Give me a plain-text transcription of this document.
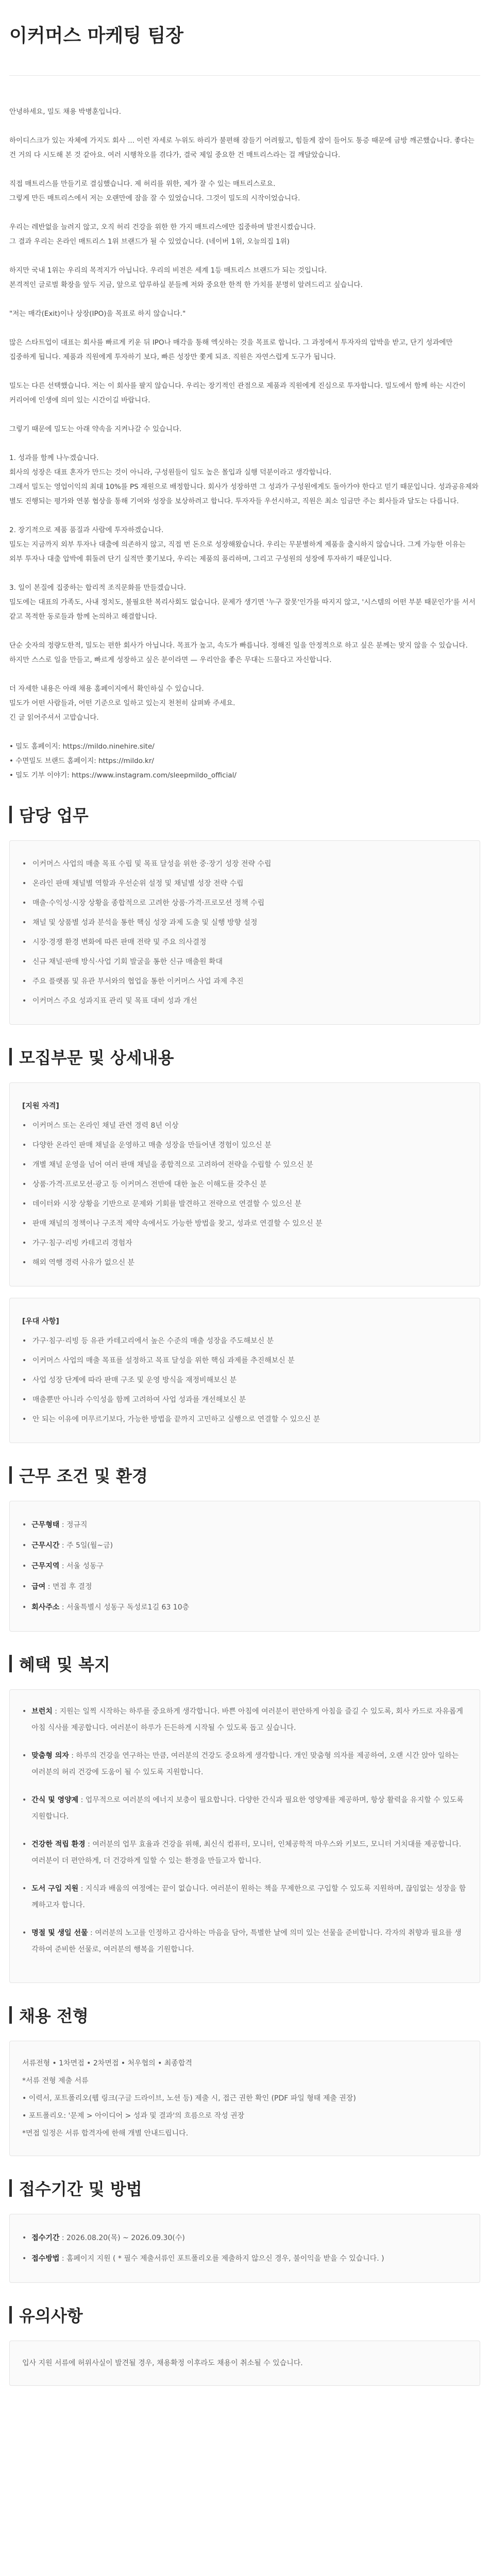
이커머스 마케팅 팀장

안녕하세요, 밀도 채용 박병훈입니다.

하이디스크가 있는 자체에 가지도 회사 ... 이런 자세로 누위도 하리가 불편해 잠들기 어려웠고, 힘들게 잠이 들어도 통증 때문에 금방 깨곤했습니다. 좋다는 건 거의 다 시도해 본 것 같아요. 여러 시행착오를 겪다가, 결국 제일 중요한 건 매트리스라는 걸 깨달았습니다.

직접 매트리스를 만들기로 결심했습니다. 제 허리를 위한, 제가 잘 수 있는 매트리스로요.
그렇게 만든 매트리스에서 저는 오랜만에 잠을 잘 수 있었습니다. 그것이 밀도의 시작이었습니다.

우리는 레반없을 늘려지 않고, 오직 허리 건강을 위한 한 가지 매트리스에만 집중하며 발전시켰습니다.
그 결과 우리는 온라인 매트리스 1위 브랜드가 될 수 있었습니다. (네이버 1위, 오늘의집 1위)

하지만 국내 1위는 우리의 목적지가 아닙니다. 우리의 비전은 세계 1등 매트리스 브랜드가 되는 것입니다.
본격적인 글로벌 확장을 앞두 지금, 앞으로 압루하실 분들께 저와 중요한 한적 한 가치를 분명히 알려드리고 싶습니다.

"저는 매각(Exit)이나 상장(IPO)을 목표로 하지 않습니다."

많은 스타트업이 대표는 회사를 빠르게 키운 뒤 IPO나 매각을 통해 엑싯하는 것을 목표로 합니다. 그 과정에서 투자자의 압박을 받고, 단기 성과에만 집중하게 됩니다. 제품과 직원에게 투자하기 보다, 빠른 성장만 쫓게 되죠. 직원은 자연스럽게 도구가 됩니다.

밀도는 다른 선택했습니다. 저는 이 회사를 팔지 않습니다. 우리는 장기적인 관점으로 제품과 직원에게 진심으로 투자합니다. 밀도에서 함께 하는 시간이 커리어에 인생에 의미 있는 시간이길 바랍니다.

그렇기 때문에 밀도는 아래 약속을 지켜나갈 수 있습니다.

1. 성과를 함께 나누겠습니다.
회사의 성장은 대표 혼자가 만드는 것이 아니라, 구성원들이 일도 높은 몰입과 실행 덕분이라고 생각합니다.
그래서 밀도는 영업이익의 최대 10%를 PS 재원으로 배정합니다. 회사가 성장하면 그 성과가 구성원에게도 돌아가야 한다고 믿기 때문입니다. 성과공유제와 별도 진행되는 평가와 연봉 협상을 통해 기여와 성장을 보상하려고 합니다. 투자자들 우선시하고, 직원은 최소 임금만 주는 회사들과 달도는 다릅니다.

2. 장기적으로 제품 품질과 사람에 투자하겠습니다.
밀도는 지금까지 외부 투자나 대출에 의존하지 않고, 직접 번 돈으로 성장해왔습니다. 우리는 무분별하게 제품을 출시하지 않습니다. 그게 가능한 이유는 외부 투자나 대출 압박에 휘둘려 단기 실적만 쫓기보다, 우리는 제품의 품리하며, 그리고 구성원의 성장에 투자하기 때문입니다.

3. 일이 본질에 집중하는 합리적 조직문화를 만들겠습니다.
밀도에는 대표의 가족도, 사내 정치도, 불필요한 복리사회도 없습니다. 문제가 생기면 '누구 잘못'인가를 따지지 않고, '시스템의 어떤 부분 때문인가'를 서서 같고 목적한 동로들과 함께 논의하고 해결합니다.

단순 숫자의 정량도한적, 밀도는 편한 회사가 아닙니다. 목표가 높고, 속도가 빠릅니다. 정해진 일을 안정적으로 하고 싶은 분께는 맞지 않을 수 있습니다. 하지만 스스로 일을 만들고, 빠르게 성장하고 싶은 분이라면 — 우리안을 좋은 무대는 드물다고 자신합니다.

더 자세한 내용은 아래 채용 홈페이지에서 확인하실 수 있습니다.
밀도가 어떤 사람들과, 어떤 기준으로 일하고 있는지 천천히 살펴봐 주세요.
긴 글 읽어주셔서 고맙습니다.

• 밀도 홈페이지: https://mildo.ninehire.site/

• 수면밀도 브랜드 홈페이지: https://mildo.kr/

• 밀도 기부 이야기: https://www.instagram.com/sleepmildo_official/

담당 업무
• 이커머스 사업의 매출 목표 수립 및 목표 달성을 위한 중·장기 성장 전략 수립
• 온라인 판매 채널별 역할과 우선순위 설정 및 채널별 성장 전략 수립
• 매출·수익성·시장 상황을 종합적으로 고려한 상품·가격·프로모션 정책 수립
• 채널 및 상품별 성과 분석을 통한 핵심 성장 과제 도출 및 실행 방향 설정
• 시장·경쟁 환경 변화에 따른 판매 전략 및 주요 의사결정
• 신규 채널·판매 방식·사업 기회 발굴을 통한 신규 매출원 확대
• 주요 플랫폼 및 유관 부서와의 협업을 통한 이커머스 사업 과제 추진
• 이커머스 주요 성과지표 관리 및 목표 대비 성과 개선
모집부문 및 상세내용
[지원 자격]
• 이커머스 또는 온라인 채널 관련 경력 8년 이상
• 다양한 온라인 판매 채널을 운영하고 매출 성장을 만들어낸 경험이 있으신 분
• 개별 채널 운영을 넘어 여러 판매 채널을 종합적으로 고려하여 전략을 수립할 수 있으신 분
• 상품·가격·프로모션·광고 등 이커머스 전반에 대한 높은 이해도를 갖추신 분
• 데이터와 시장 상황을 기반으로 문제와 기회를 발견하고 전략으로 연결할 수 있으신 분
• 판매 채널의 정책이나 구조적 제약 속에서도 가능한 방법을 찾고, 성과로 연결할 수 있으신 분
• 가구·침구·리빙 카테고리 경험자
• 해외 역행 경력 사유가 없으신 분
[우대 사항]
• 가구·침구·리빙 등 유관 카테고리에서 높은 수준의 매출 성장을 주도해보신 분
• 이커머스 사업의 매출 목표를 설정하고 목표 달성을 위한 핵심 과제를 추진해보신 분
• 사업 성장 단계에 따라 판매 구조 및 운영 방식을 재정비해보신 분
• 매출뿐만 아니라 수익성을 함께 고려하여 사업 성과를 개선해보신 분
• 안 되는 이유에 머무르기보다, 가능한 방법을 끝까지 고민하고 실행으로 연결할 수 있으신 분
근무 조건 및 환경
• 근무형태 : 정규직
• 근무시간 : 주 5일(월~금)
• 근무지역 : 서울 성동구
• 급여 : 면접 후 결정
• 회사주소 : 서울특별시 성동구 독성로1길 63 10층
혜택 및 복지
• 브런치 : 지원는 일찍 시작하는 하루를 중요하게 생각합니다. 바쁜 아침에 여러분이 편안하게 아침을 즐길 수 있도록, 회사 카드로 자유롭게 아침 식사를 제공합니다. 여러분이 하루가 든든하게 시작될 수 있도록 돕고 싶습니다.
• 맞춤형 의자 : 하루의 건강을 연구하는 만큼, 여러분의 건강도 중요하게 생각합니다. 개인 맞춤형 의자를 제공하여, 오랜 시간 앉아 일하는 여러분의 허리 건강에 도움이 될 수 있도록 지원합니다.
• 간식 및 영양제 : 업무적으로 여러분의 에너지 보충이 필요합니다. 다양한 간식과 필요한 영양제를 제공하며, 항상 활력을 유지할 수 있도록 지원합니다.
• 건강한 적립 환경 : 여러분의 업무 효율과 건강을 위해, 최신식 컴퓨터, 모니터, 인체공학적 마우스와 키보드, 모니터 거치대를 제공합니다. 여러분이 더 편안하게, 더 건강하게 일할 수 있는 환경을 만들고자 합니다.
• 도서 구입 지원 : 지식과 배움의 여정에는 끝이 없습니다. 여러분이 원하는 책을 무제한으로 구입할 수 있도록 지원하며, 끊임없는 성장을 함께하고자 합니다.
• 명절 및 생일 선물 : 여러분의 노고를 인정하고 감사하는 마음을 담아, 특별한 날에 의미 있는 선물을 준비합니다. 각자의 취향과 필요를 생각하여 준비한 선물로, 여러분의 행복을 기원합니다.
채용 전형
서류전형 • 1차면접 • 2차면접 • 처우협의 • 최종합격
*서류 전형 제출 서류
• 이력서, 포트폴리오(웹 링크(구글 드라이브, 노션 등) 제출 시, 접근 권한 확인 (PDF 파일 형태 제출 권장)
• 포트폴리오: '문제 > 아이디어 > 성과 및 결과'의 흐름으로 작성 권장
*면접 일정은 서류 합격자에 한해 개별 안내드립니다.
접수기간 및 방법
• 접수기간 : 2026.08.20(목) ~ 2026.09.30(수)
• 접수방법 : 홈페이지 지원 ( * 필수 제출서류인 포트폴리오를 제출하지 않으신 경우, 불이익을 받을 수 있습니다. )
유의사항
입사 지원 서류에 허위사실이 발견될 경우, 채용확정 이후라도 채용이 취소될 수 있습니다.
